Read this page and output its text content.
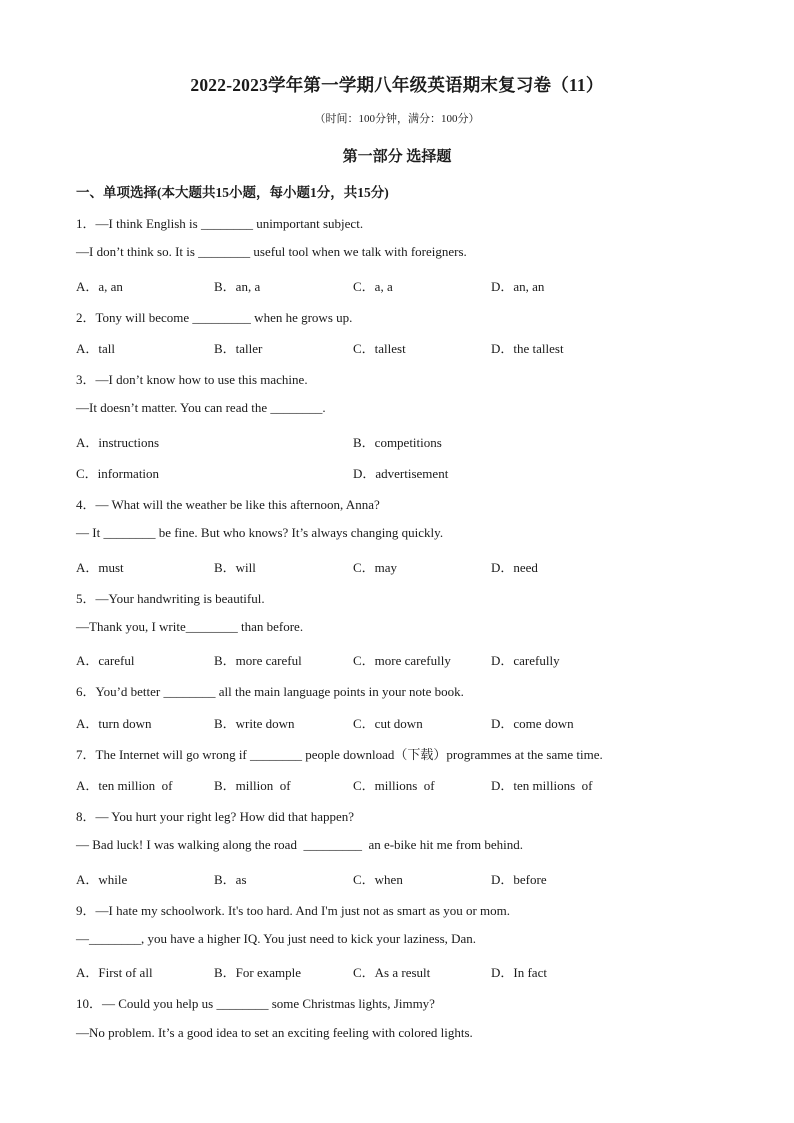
2022-2023学年第一学期八年级英语期末复习卷（11）
（时间：100分钟，满分：100分）
第一部分 选择题
一、单项选择(本大题共15小题，每小题1分，共15分)
1．—I think English is ________ unimportant subject.
—I don’t think so. It is ________ useful tool when we talk with foreigners.
A．a, an	B．an, a	C．a, a	D．an, an
2．Tony will become _________ when he grows up.
A．tall	B．taller	C．tallest	D．the tallest
3．—I don’t know how to use this machine.
—It doesn’t matter. You can read the ________.
A．instructions	B．competitions
C．information	D．advertisement
4．— What will the weather be like this afternoon, Anna?
— It ________ be fine. But who knows? It’s always changing quickly.
A．must	B．will	C．may	D．need
5．—Your handwriting is beautiful.
—Thank you, I write________ than before.
A．careful	B．more careful	C．more carefully	D．carefully
6．You’d better ________ all the main language points in your note book.
A．turn down	B．write down	C．cut down	D．come down
7．The Internet will go wrong if ________ people download（下载）programmes at the same time.
A．ten million  of	B．million  of	C．millions  of	D．ten millions  of
8．— You hurt your right leg? How did that happen?
— Bad luck! I was walking along the road  _________  an e-bike hit me from behind.
A．while	B．as	C．when	D．before
9．—I hate my schoolwork. It's too hard. And I'm just not as smart as you or mom.
—________, you have a higher IQ. You just need to kick your laziness, Dan.
A．First of all	B．For example	C．As a result	D．In fact
10．— Could you help us ________ some Christmas lights, Jimmy?
—No problem. It’s a good idea to set an exciting feeling with colored lights.
